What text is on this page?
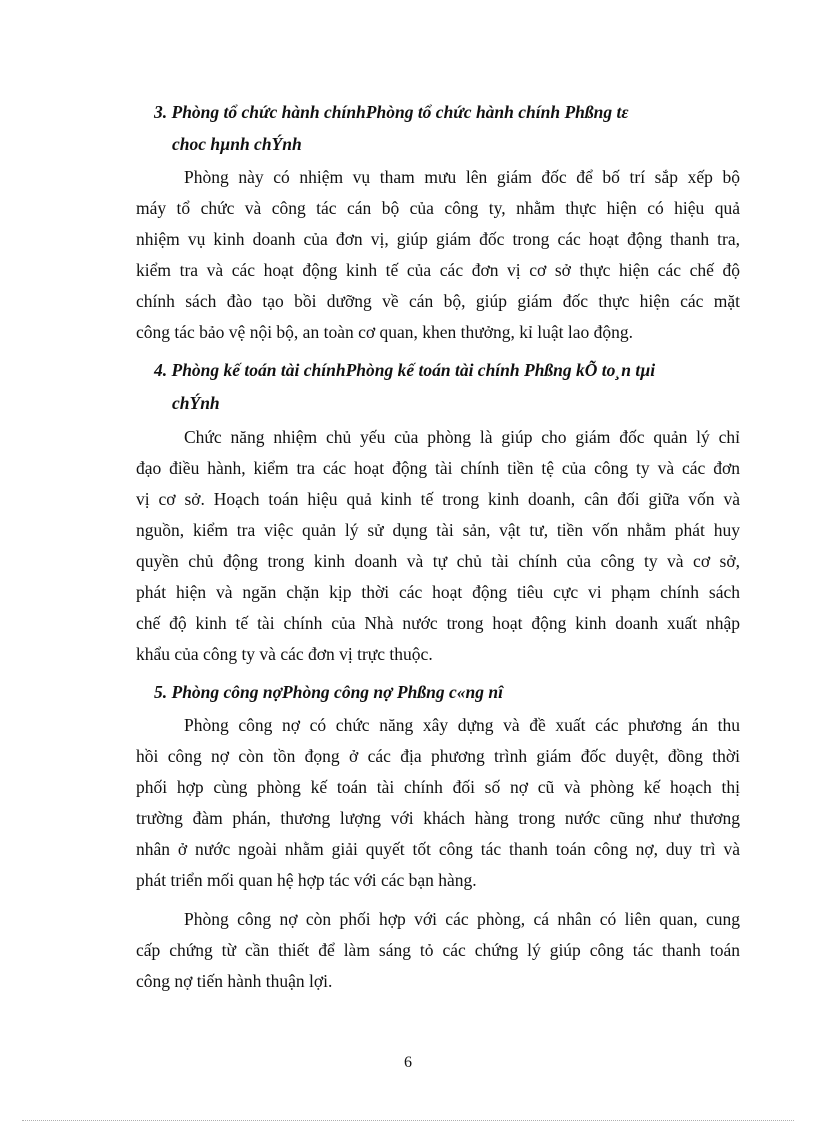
3. Phòng tổ chức hành chínhPhòng tổ chức hành chính Phßng tε
choc hµnh chÝnh
Phòng này có nhiệm vụ tham mưu lên giám đốc để bố trí sắp xếp bộ
máy tổ chức và công tác cán bộ của công ty, nhằm thực hiện có hiệu quả
nhiệm vụ kinh doanh của đơn vị, giúp giám đốc trong các hoạt động thanh tra,
kiểm tra và các hoạt động kinh tế của các đơn vị cơ sở thực hiện các chế độ
chính sách đào tạo bồi dưỡng về cán bộ, giúp giám đốc thực hiện các mặt
công tác bảo vệ nội bộ, an toàn cơ quan, khen thưởng, kỉ luật lao động.
4. Phòng kế toán tài chínhPhòng kế toán tài chính Phßng kÕ to¸n tµi
chÝnh
Chức năng nhiệm chủ yếu của phòng là giúp cho giám đốc quản lý chỉ
đạo điều hành, kiểm tra các hoạt động tài chính tiền tệ của công ty và các đơn
vị cơ sở. Hoạch toán hiệu quả kinh tế trong kinh doanh, cân đối giữa vốn và
nguồn, kiểm tra việc quản lý sử dụng tài sản, vật tư, tiền vốn nhằm phát huy
quyền chủ động trong kinh doanh và tự chủ tài chính của công ty và cơ sở,
phát hiện và ngăn chặn kịp thời các hoạt động tiêu cực vi phạm chính sách
chế độ kinh tế tài chính của Nhà nước trong hoạt động kinh doanh xuất nhập
khẩu của công ty và các đơn vị trực thuộc.
5. Phòng công nợPhòng công nợ Phßng c«ng nî
Phòng công nợ có chức năng xây dựng và đề xuất các phương án thu
hồi công nợ còn tồn đọng ở các địa phương trình giám đốc duyệt, đồng thời
phối hợp cùng phòng kế toán tài chính đối số nợ cũ và phòng kế hoạch thị
trường đàm phán, thương lượng với khách hàng trong nước cũng như thương
nhân ở nước ngoài nhằm giải quyết tốt công tác thanh toán công nợ, duy trì và
phát triển mối quan hệ hợp tác với các bạn hàng.
Phòng công nợ còn phối hợp với các phòng, cá nhân có liên quan, cung
cấp chứng từ cần thiết để làm sáng tỏ các chứng lý giúp công tác thanh toán
công nợ tiến hành thuận lợi.
6
